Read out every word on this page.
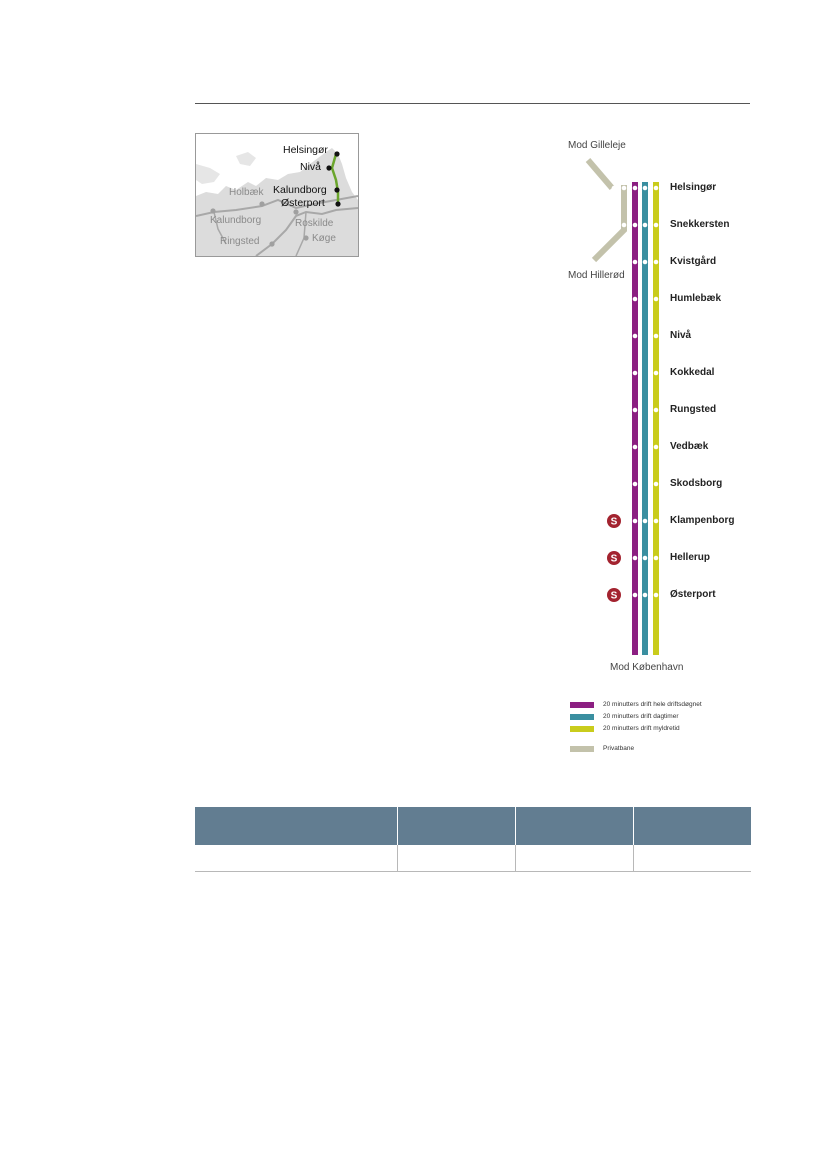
Helsingør
Nivå
Kalundborg
Østerport
Holbæk
Kalundborg	Roskilde
Ringsted	Køge
S
S
S
Mod Gilleleje
Mod Hillerød
Mod København
Helsingør
Snekkersten
Kvistgård
Humlebæk
Nivå
Kokkedal
Rungsted
Vedbæk
Skodsborg
Klampenborg
Hellerup
Østerport
20 minutters drift hele driftsdøgnet
20 minutters drift dagtimer
20 minutters drift myldretid
Privatbane
